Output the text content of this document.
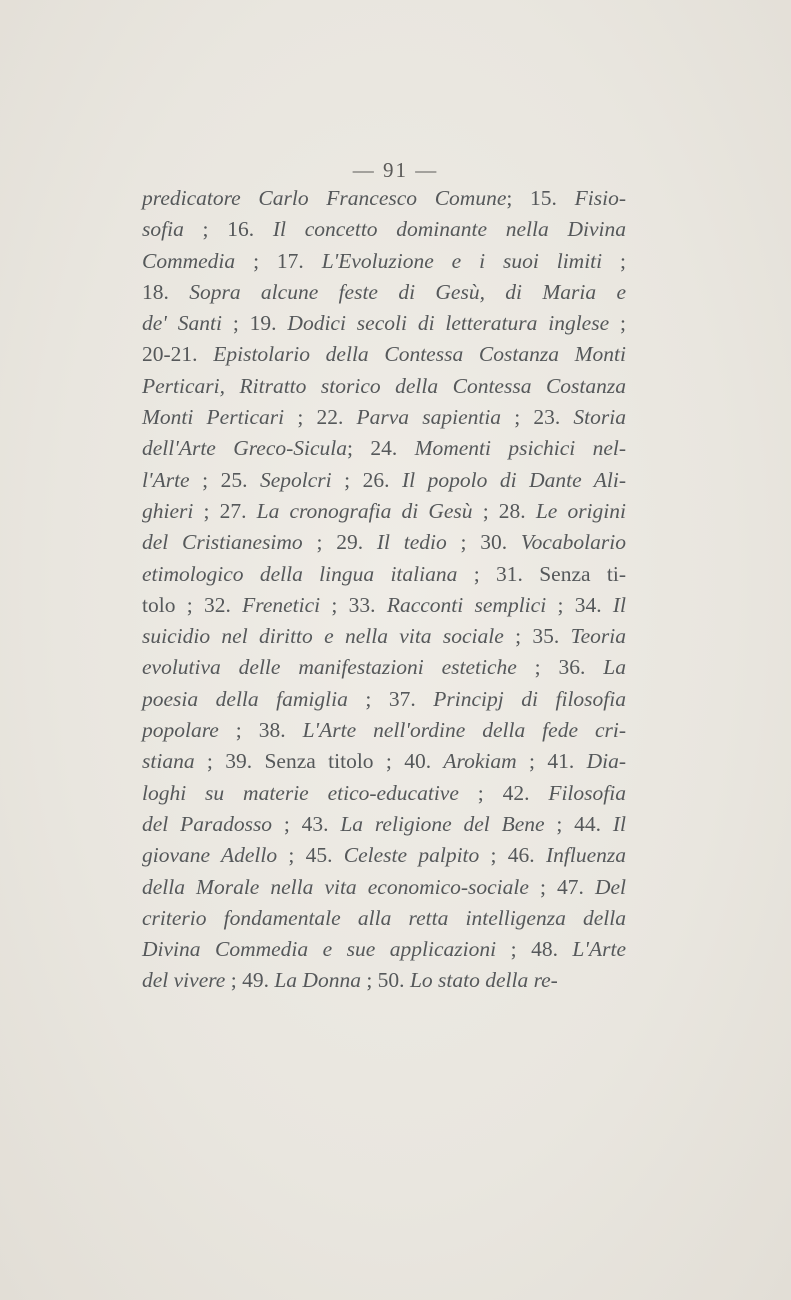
— 91 —
predicatore Carlo Francesco Comune; 15. Fisio-
sofia ; 16. Il concetto dominante nella Divina
Commedia ; 17. L'Evoluzione e i suoi limiti ;
18. Sopra alcune feste di Gesù, di Maria e
de' Santi ; 19. Dodici secoli di letteratura inglese ;
20-21. Epistolario della Contessa Costanza Monti
Perticari, Ritratto storico della Contessa Costanza
Monti Perticari ; 22. Parva sapientia ; 23. Storia
dell'Arte Greco-Sicula; 24. Momenti psichici nel-
l'Arte ; 25. Sepolcri ; 26. Il popolo di Dante Ali-
ghieri ; 27. La cronografia di Gesù ; 28. Le origini
del Cristianesimo ; 29. Il tedio ; 30. Vocabolario
etimologico della lingua italiana ; 31. Senza ti-
tolo ; 32. Frenetici ; 33. Racconti semplici ; 34. Il
suicidio nel diritto e nella vita sociale ; 35. Teoria
evolutiva delle manifestazioni estetiche ; 36. La
poesia della famiglia ; 37. Principj di filosofia
popolare ; 38. L'Arte nell'ordine della fede cri-
stiana ; 39. Senza titolo ; 40. Arokiam ; 41. Dia-
loghi su materie etico-educative ; 42. Filosofia
del Paradosso ; 43. La religione del Bene ; 44. Il
giovane Adello ; 45. Celeste palpito ; 46. Influenza
della Morale nella vita economico-sociale ; 47. Del
criterio fondamentale alla retta intelligenza della
Divina Commedia e sue applicazioni ; 48. L'Arte
del vivere ; 49. La Donna ; 50. Lo stato della re-
